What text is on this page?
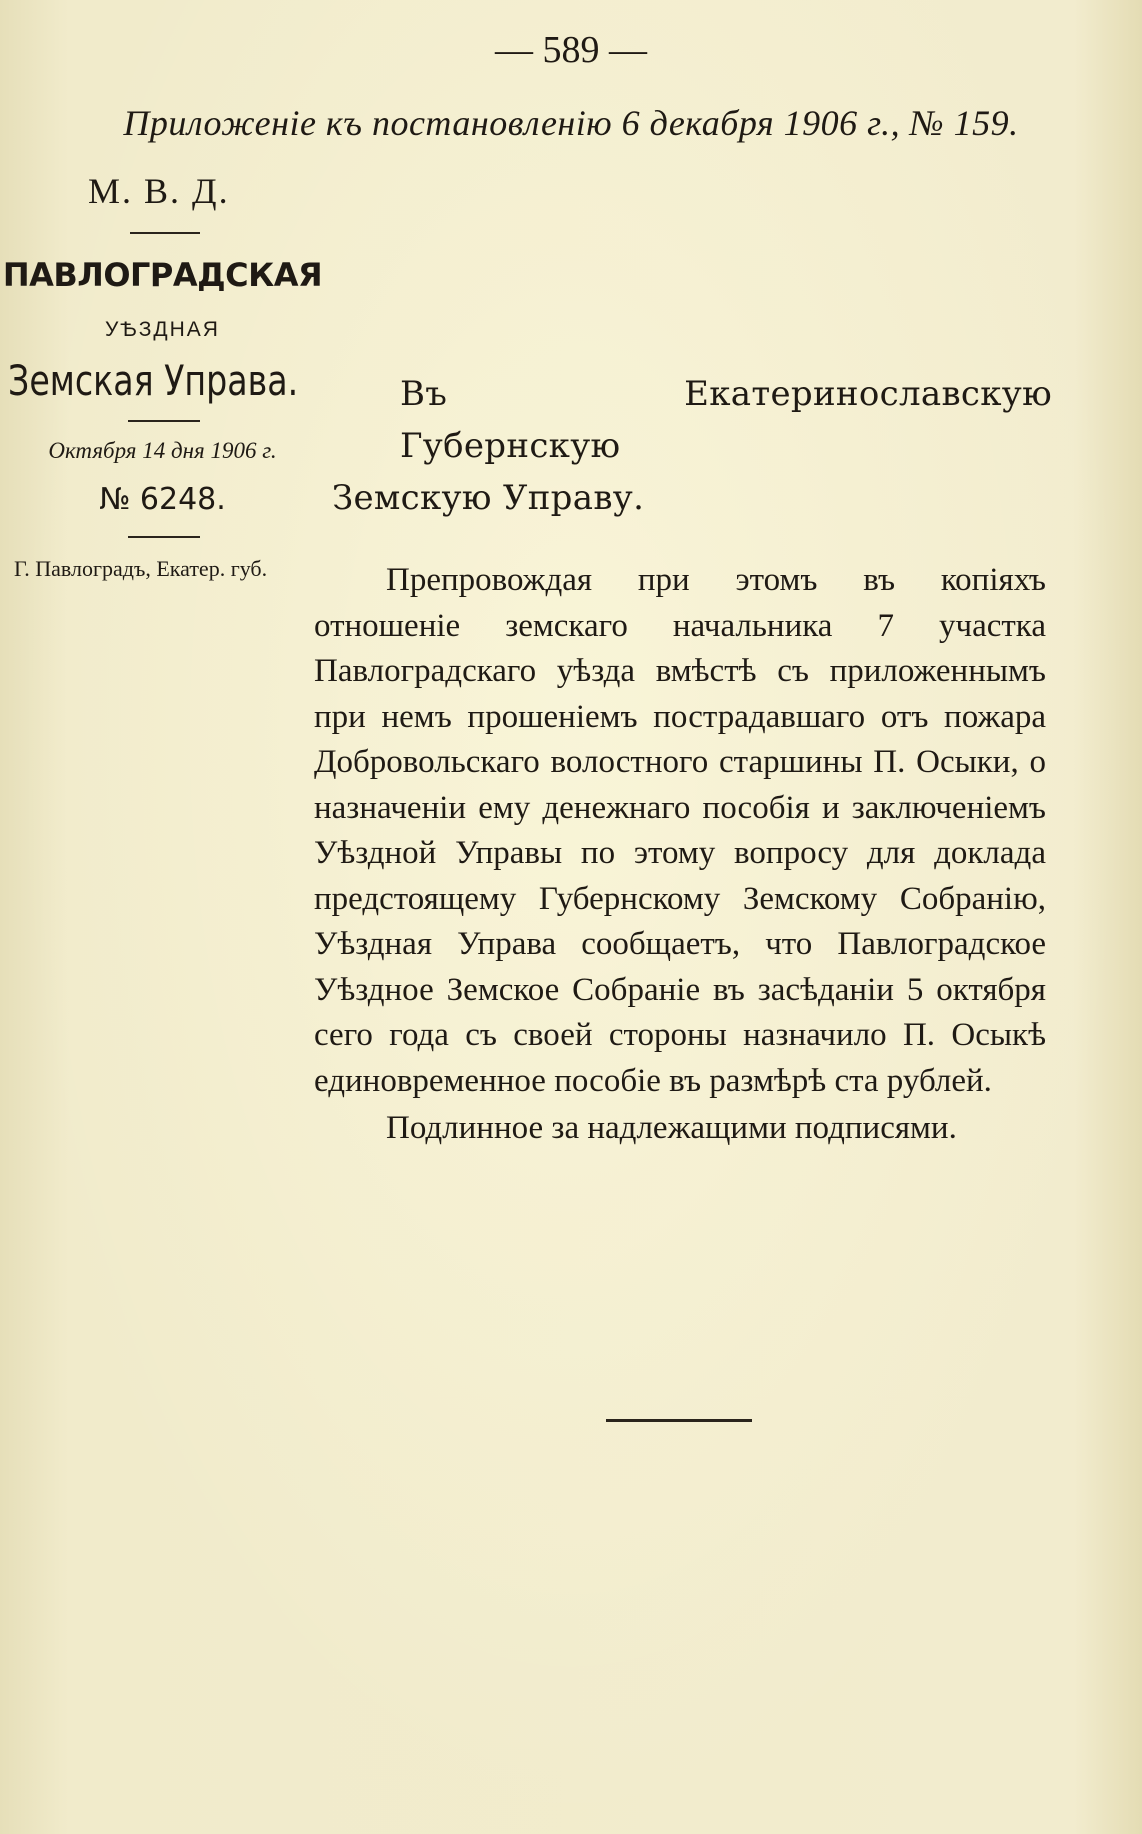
— 589 —
Приложеніе къ постановленію 6 декабря 1906 г., № 159.
М. В. Д.
ПАВЛОГРАДСКАЯ
УѢЗДНАЯ
Земская Управа.
Октября 14 дня 1906 г.
№ 6248.
Г. Павлоградъ, Екатер. губ.
Въ Екатеринославскую Губернскую
Земскую Управу.

Препровождая при этомъ въ копіяхъ отношеніе земскаго начальника 7 участка Павлоградскаго уѣзда вмѣстѣ съ приложеннымъ при немъ прошеніемъ пострадавшаго отъ пожара Добровольскаго волостного старшины П. Осыки, о назначеніи ему денежнаго пособія и заключеніемъ Уѣздной Управы по этому вопросу для доклада предстоящему Губернскому Земскому Собранію, Уѣздная Управа сообщаетъ, что Павлоградское Уѣздное Земское Собраніе въ засѣданіи 5 октября сего года съ своей стороны назначило П. Осыкѣ единовременное пособіе въ размѣрѣ ста рублей.

Подлинное за надлежащими подписями.
